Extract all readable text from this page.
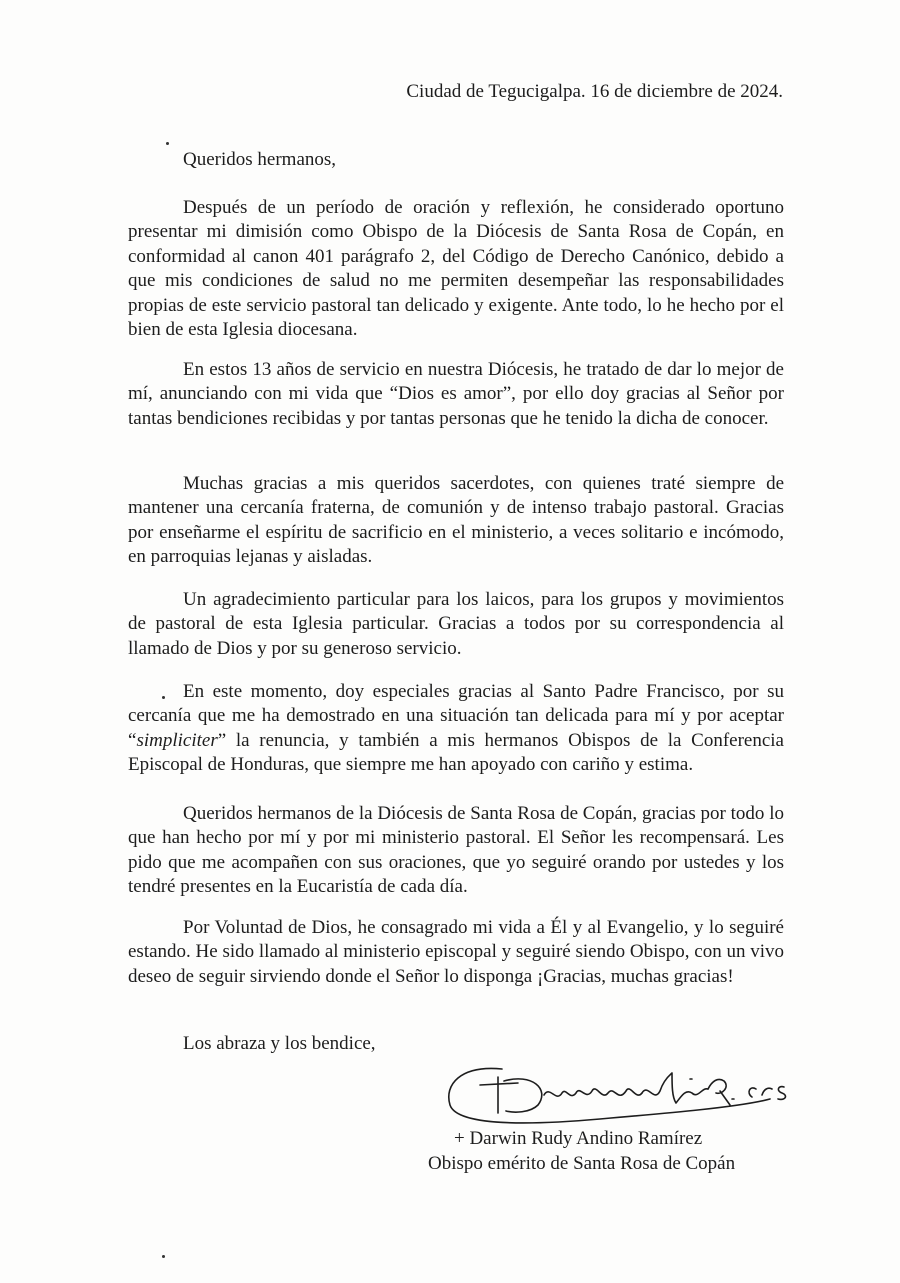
Ciudad de Tegucigalpa. 16 de diciembre de 2024.
Queridos hermanos,

Después de un período de oración y reflexión, he considerado oportuno presentar mi dimisión como Obispo de la Diócesis de Santa Rosa de Copán, en conformidad al canon 401 parágrafo 2, del Código de Derecho Canónico, debido a que mis condiciones de salud no me permiten desempeñar las responsabilidades propias de este servicio pastoral tan delicado y exigente. Ante todo, lo he hecho por el bien de esta Iglesia diocesana.

En estos 13 años de servicio en nuestra Diócesis, he tratado de dar lo mejor de mí, anunciando con mi vida que “Dios es amor”, por ello doy gracias al Señor por tantas bendiciones recibidas y por tantas personas que he tenido la dicha de conocer.

Muchas gracias a mis queridos sacerdotes, con quienes traté siempre de mantener una cercanía fraterna, de comunión y de intenso trabajo pastoral. Gracias por enseñarme el espíritu de sacrificio en el ministerio, a veces solitario e incómodo, en parroquias lejanas y aisladas.

Un agradecimiento particular para los laicos, para los grupos y movimientos de pastoral de esta Iglesia particular. Gracias a todos por su correspondencia al llamado de Dios y por su generoso servicio.

En este momento, doy especiales gracias al Santo Padre Francisco, por su cercanía que me ha demostrado en una situación tan delicada para mí y por aceptar “simpliciter” la renuncia, y también a mis hermanos Obispos de la Conferencia Episcopal de Honduras, que siempre me han apoyado con cariño y estima.

Queridos hermanos de la Diócesis de Santa Rosa de Copán, gracias por todo lo que han hecho por mí y por mi ministerio pastoral. El Señor les recompensará. Les pido que me acompañen con sus oraciones, que yo seguiré orando por ustedes y los tendré presentes en la Eucaristía de cada día.

Por Voluntad de Dios, he consagrado mi vida a Él y al Evangelio, y lo seguiré estando. He sido llamado al ministerio episcopal y seguiré siendo Obispo, con un vivo deseo de seguir sirviendo donde el Señor lo disponga ¡Gracias, muchas gracias!

Los abraza y los bendice,
+ Darwin Rudy Andino Ramírez
Obispo emérito de Santa Rosa de Copán
